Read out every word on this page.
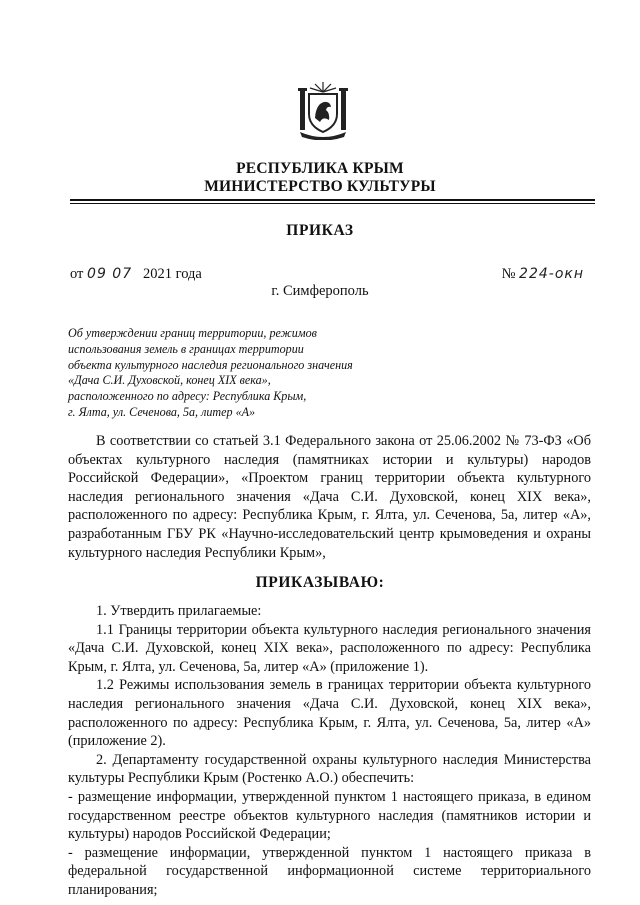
РЕСПУБЛИКА КРЫМ
МИНИСТЕРСТВО КУЛЬТУРЫ
ПРИКАЗ
от 09 07 2021 года	№ 224-окн
г. Симферополь
Об утверждении границ территории, режимов
использования земель в границах территории
объекта культурного наследия регионального значения
«Дача С.И. Духовской, конец XIX века»,
расположенного по адресу: Республика Крым,
г. Ялта, ул. Сеченова, 5а, литер «А»

В соответствии со статьей 3.1 Федерального закона от 25.06.2002 № 73-ФЗ «Об объектах культурного наследия (памятниках истории и культуры) народов Российской Федерации», «Проектом границ территории объекта культурного наследия регионального значения «Дача С.И. Духовской, конец XIX века», расположенного по адресу: Республика Крым, г. Ялта, ул. Сеченова, 5а, литер «А», разработанным ГБУ РК «Научно-исследовательский центр крымоведения и охраны культурного наследия Республики Крым»,

ПРИКАЗЫВАЮ:

1. Утвердить прилагаемые:

1.1 Границы территории объекта культурного наследия регионального значения «Дача С.И. Духовской, конец XIX века», расположенного по адресу: Республика Крым, г. Ялта, ул. Сеченова, 5а, литер «А» (приложение 1).

1.2 Режимы использования земель в границах территории объекта культурного наследия регионального значения «Дача С.И. Духовской, конец XIX века», расположенного по адресу: Республика Крым, г. Ялта, ул. Сеченова, 5а, литер «А» (приложение 2).

2. Департаменту государственной охраны культурного наследия Министерства культуры Республики Крым (Ростенко А.О.) обеспечить:

- размещение информации, утвержденной пунктом 1 настоящего приказа, в едином государственном реестре объектов культурного наследия (памятников истории и культуры) народов Российской Федерации;

- размещение информации, утвержденной пунктом 1 настоящего приказа в федеральной государственной информационной системе территориального планирования;
